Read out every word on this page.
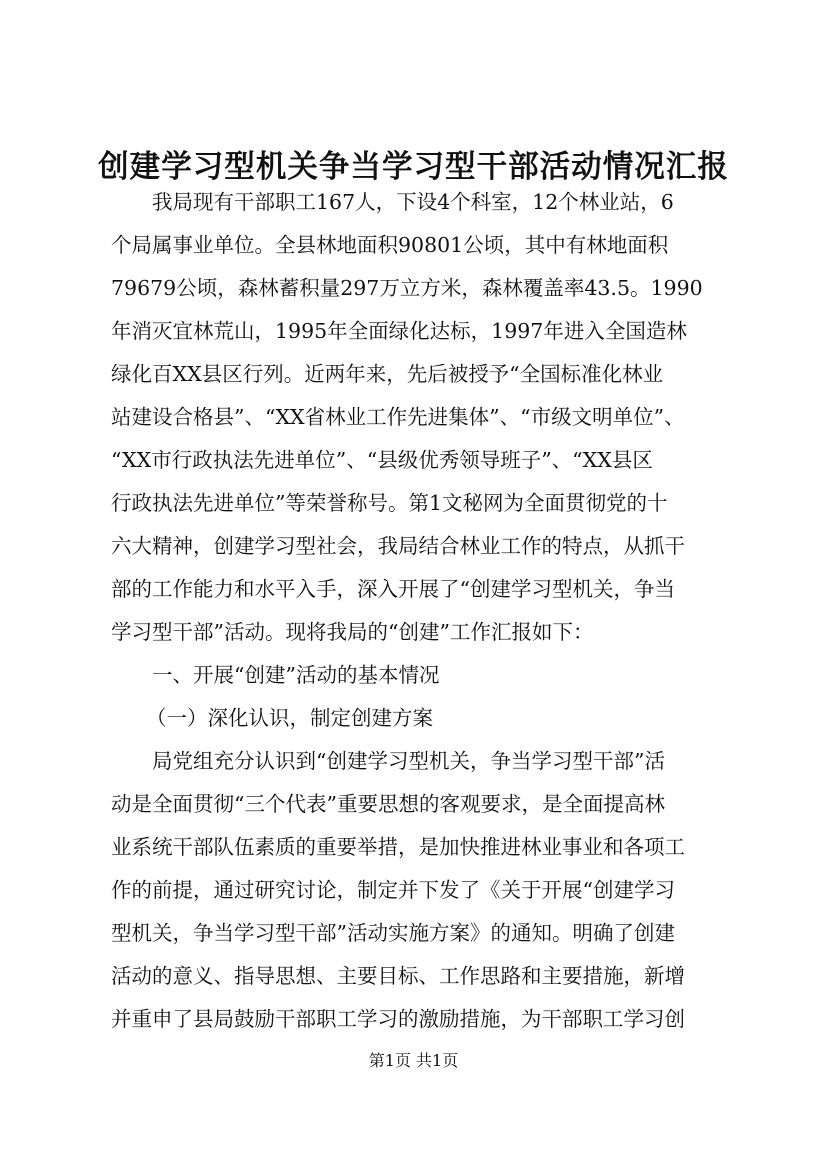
创建学习型机关争当学习型干部活动情况汇报
我局现有干部职工167人，下设4个科室，12个林业站，6
个局属事业单位。全县林地面积90801公顷，其中有林地面积
79679公顷，森林蓄积量297万立方米，森林覆盖率43.5。1990
年消灭宜林荒山，1995年全面绿化达标，1997年进入全国造林
绿化百XX县区行列。近两年来，先后被授予“全国标准化林业
站建设合格县”、“XX省林业工作先进集体”、“市级文明单位”、
“XX市行政执法先进单位”、“县级优秀领导班子”、“XX县区
行政执法先进单位”等荣誉称号。第1文秘网为全面贯彻党的十
六大精神，创建学习型社会，我局结合林业工作的特点，从抓干
部的工作能力和水平入手，深入开展了“创建学习型机关，争当
学习型干部”活动。现将我局的“创建”工作汇报如下：
一、开展“创建”活动的基本情况
（一）深化认识，制定创建方案
局党组充分认识到“创建学习型机关，争当学习型干部”活
动是全面贯彻“三个代表”重要思想的客观要求，是全面提高林
业系统干部队伍素质的重要举措，是加快推进林业事业和各项工
作的前提，通过研究讨论，制定并下发了《关于开展“创建学习
型机关，争当学习型干部”活动实施方案》的通知。明确了创建
活动的意义、指导思想、主要目标、工作思路和主要措施，新增
并重申了县局鼓励干部职工学习的激励措施，为干部职工学习创
第1页 共1页
